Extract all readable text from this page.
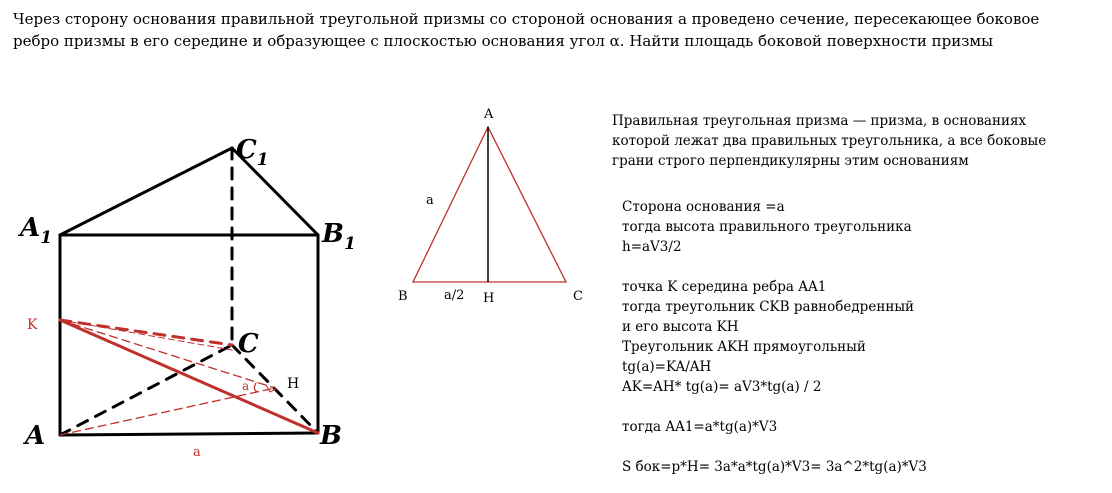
Через сторону основания правильной треугольной призмы со стороной основания a проведено сечение, пересекающее боковое
ребро призмы в его середине и образующее с плоскостью основания угол α. Найти площадь боковой поверхности призмы
$A_1$	$B_1$
$C_1$
A	B
C
K
H
a
a
A
B	C
H
a
a/2
Правильная треугольная призма — призма, в основаниях
которой лежат два правильных треугольника, а все боковые
грани строго перпендикулярны этим основаниям
Сторона основания =a
тогда высота правильного треугольника
h=aV3/2
точка K середина ребра AA1
тогда треугольник CKB равнобедренный
и его высота KH
Треугольник AKH прямоугольный
tg(a)=KA/AH
AK=AH* tg(a)= aV3*tg(a) / 2
тогда AA1=a*tg(a)*V3
S бок=p*H= 3a*a*tg(a)*V3= 3a^2*tg(a)*V3
